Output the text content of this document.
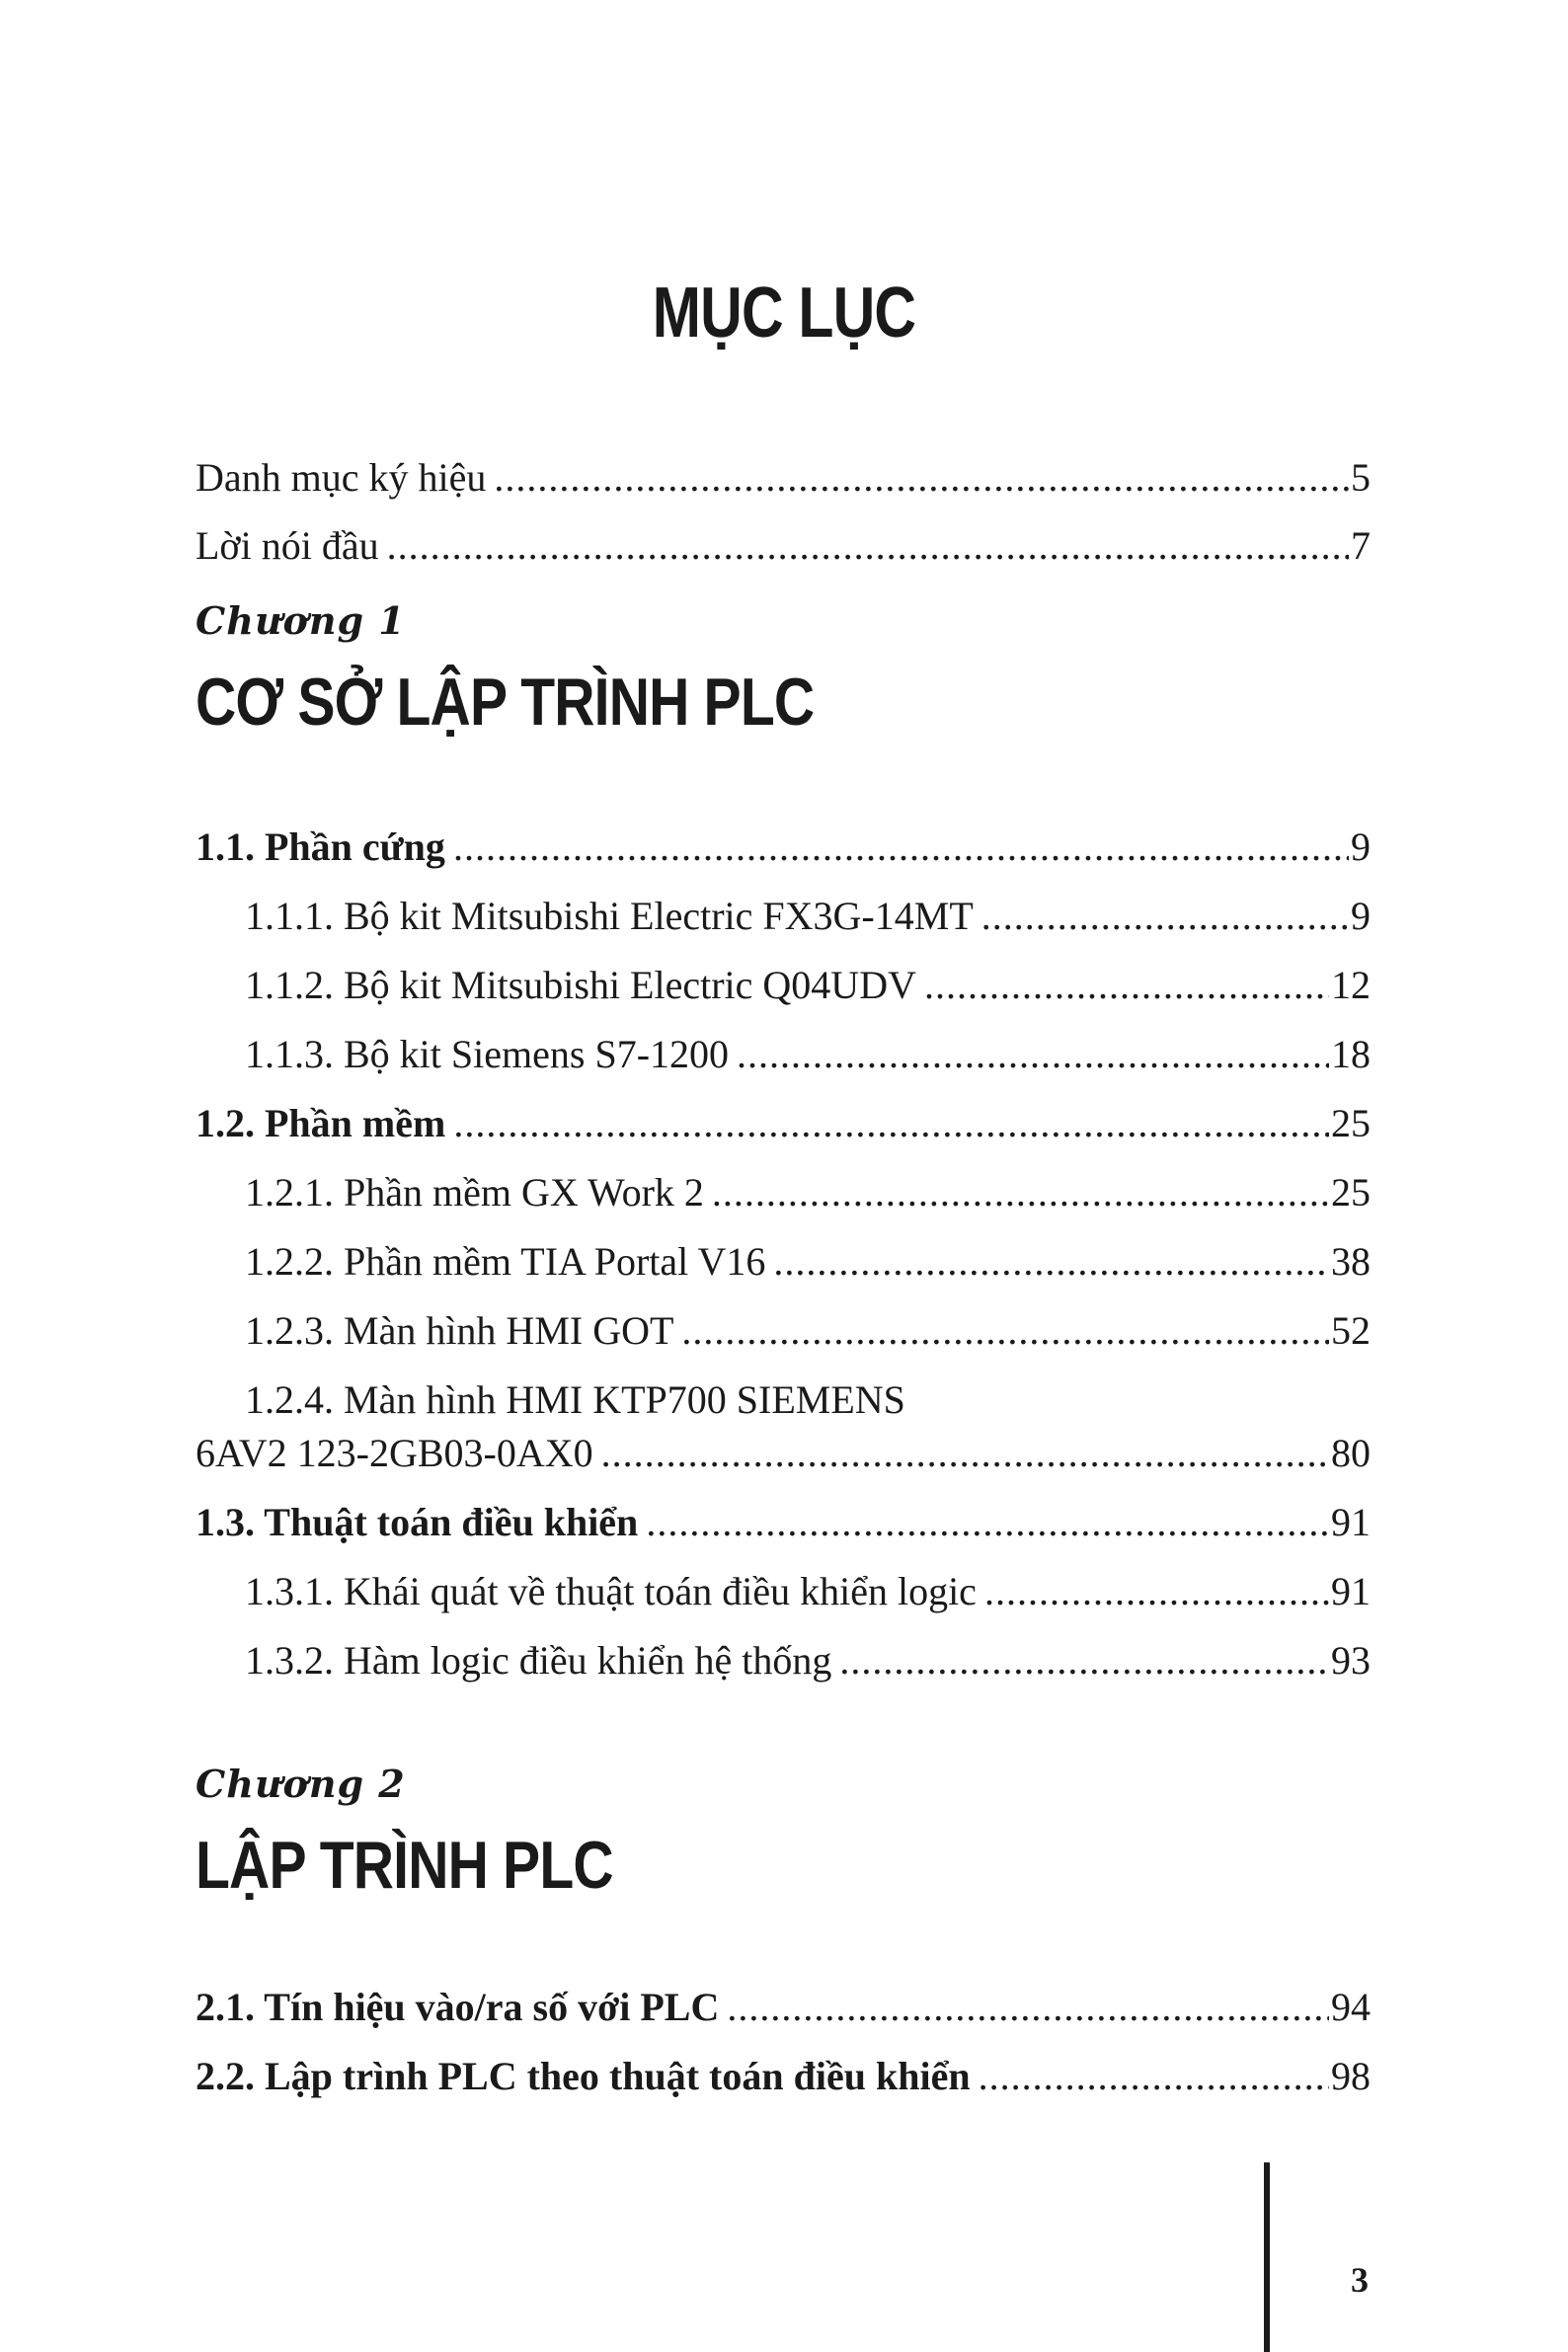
MỤC LỤC
Danh mục ký hiệu .....	5
Lời nói đầu .....	7
Chương 1
CƠ SỞ LẬP TRÌNH PLC
1.1. Phần cứng .....	9
1.1.1. Bộ kit Mitsubishi Electric FX3G-14MT .....	9
1.1.2. Bộ kit Mitsubishi Electric Q04UDV .....	12
1.1.3. Bộ kit Siemens S7-1200 .....	18
1.2. Phần mềm .....	25
1.2.1. Phần mềm GX Work 2 .....	25
1.2.2. Phần mềm TIA Portal V16 .....	38
1.2.3. Màn hình HMI GOT .....	52
1.2.4. Màn hình HMI KTP700 SIEMENS
6AV2 123-2GB03-0AX0 .....	80
1.3. Thuật toán điều khiển .....	91
1.3.1. Khái quát về thuật toán điều khiển logic .....	91
1.3.2. Hàm logic điều khiển hệ thống .....	93
Chương 2
LẬP TRÌNH PLC
2.1. Tín hiệu vào/ra số với PLC .....	94
2.2. Lập trình PLC theo thuật toán điều khiển .....	98
3
